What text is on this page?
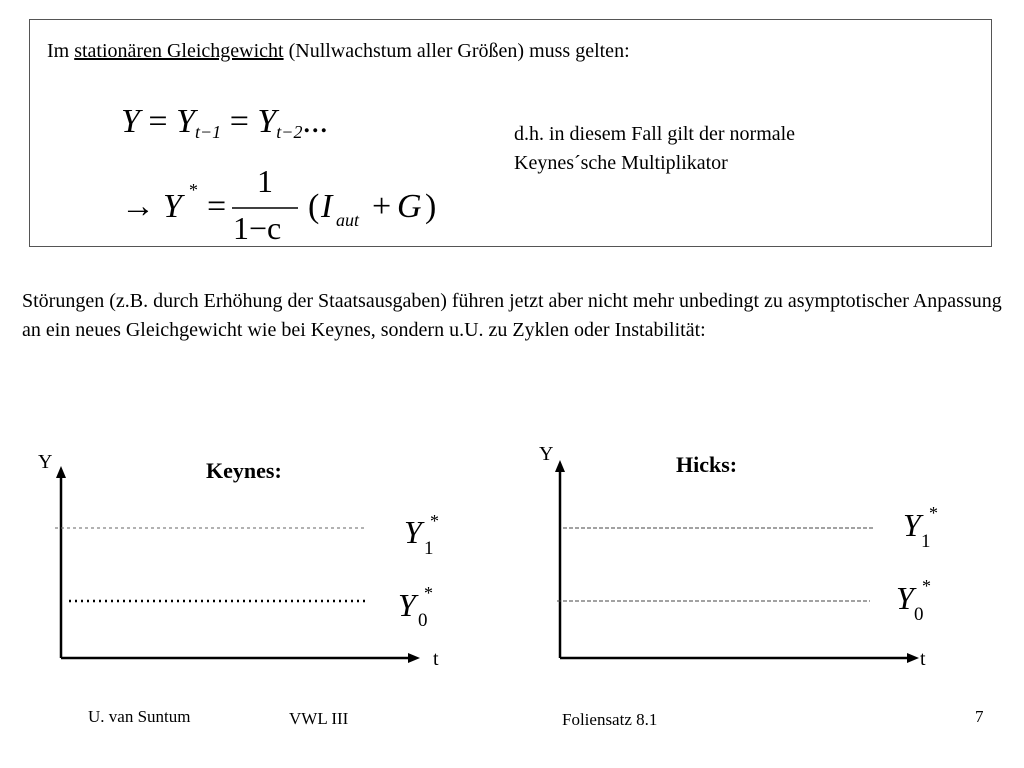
Im stationären Gleichgewicht (Nullwachstum aller Größen) muss gelten:
$Y = Y_{t-1} = Y_{t-2}$...
→ Y * =
1
1−c
( I aut + G )
d.h. in diesem Fall gilt der normale
Keynes´sche Multiplikator
Störungen (z.B. durch Erhöhung der Staatsausgaben) führen jetzt aber nicht mehr unbedingt zu asymptotischer Anpassung an ein neues Gleichgewicht wie bei Keynes, sondern u.U. zu Zyklen oder Instabilität:
Y	Keynes:
t
Y *
1
Y *
0
Y	Hicks:
t
Y *
1
Y *
0
U. van Suntum	VWL III	Foliensatz 8.1	7
